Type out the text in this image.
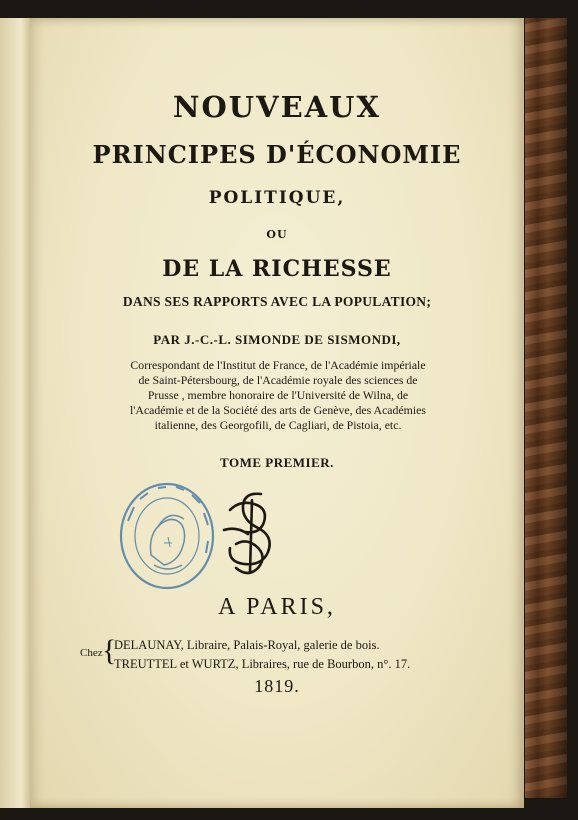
NOUVEAUX
PRINCIPES D'ÉCONOMIE
POLITIQUE,
OU
DE LA RICHESSE
DANS SES RAPPORTS AVEC LA POPULATION;
PAR J.-C.-L. SIMONDE DE SISMONDI,
Correspondant de l'Institut de France, de l'Académie impériale
de Saint-Pétersbourg, de l'Académie royale des sciences de
Prusse , membre honoraire de l'Université de Wilna, de
l'Académie et de la Société des arts de Genève, des Académies
italienne, des Georgofili, de Cagliari, de Pistoia, etc.
TOME PREMIER.
A PARIS,
Chez {
DELAUNAY, Libraire, Palais-Royal, galerie de bois.
TREUTTEL et WURTZ, Libraires, rue de Bourbon, n°. 17.
1819.
